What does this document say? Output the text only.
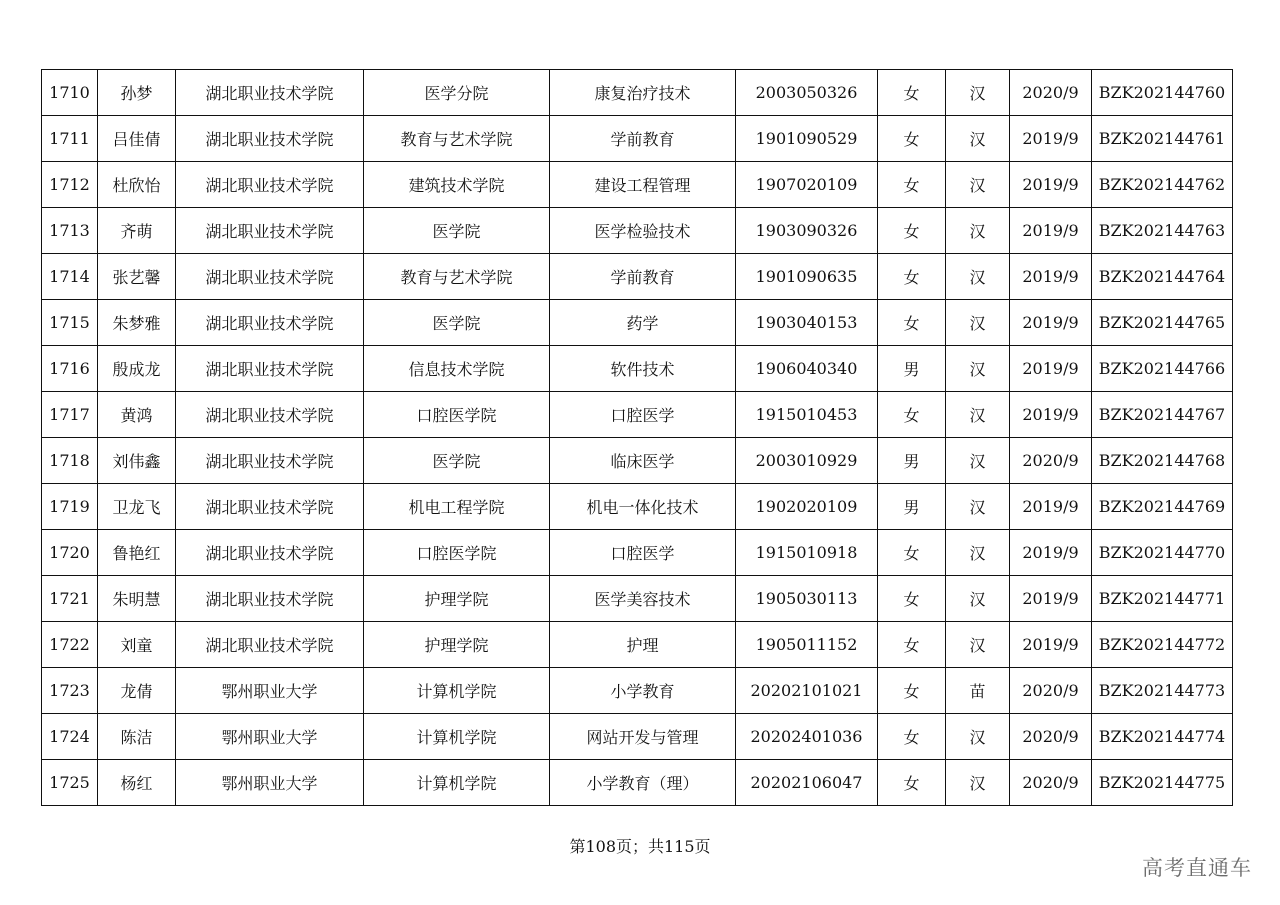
1710	孙梦	湖北职业技术学院	医学分院	康复治疗技术	2003050326	女	汉	2020/9	BZK202144760
1711	吕佳倩	湖北职业技术学院	教育与艺术学院	学前教育	1901090529	女	汉	2019/9	BZK202144761
1712	杜欣怡	湖北职业技术学院	建筑技术学院	建设工程管理	1907020109	女	汉	2019/9	BZK202144762
1713	齐萌	湖北职业技术学院	医学院	医学检验技术	1903090326	女	汉	2019/9	BZK202144763
1714	张艺馨	湖北职业技术学院	教育与艺术学院	学前教育	1901090635	女	汉	2019/9	BZK202144764
1715	朱梦雅	湖北职业技术学院	医学院	药学	1903040153	女	汉	2019/9	BZK202144765
1716	殷成龙	湖北职业技术学院	信息技术学院	软件技术	1906040340	男	汉	2019/9	BZK202144766
1717	黄鸿	湖北职业技术学院	口腔医学院	口腔医学	1915010453	女	汉	2019/9	BZK202144767
1718	刘伟鑫	湖北职业技术学院	医学院	临床医学	2003010929	男	汉	2020/9	BZK202144768
1719	卫龙飞	湖北职业技术学院	机电工程学院	机电一体化技术	1902020109	男	汉	2019/9	BZK202144769
1720	鲁艳红	湖北职业技术学院	口腔医学院	口腔医学	1915010918	女	汉	2019/9	BZK202144770
1721	朱明慧	湖北职业技术学院	护理学院	医学美容技术	1905030113	女	汉	2019/9	BZK202144771
1722	刘童	湖北职业技术学院	护理学院	护理	1905011152	女	汉	2019/9	BZK202144772
1723	龙倩	鄂州职业大学	计算机学院	小学教育	20202101021	女	苗	2020/9	BZK202144773
1724	陈洁	鄂州职业大学	计算机学院	网站开发与管理	20202401036	女	汉	2020/9	BZK202144774
1725	杨红	鄂州职业大学	计算机学院	小学教育（理）	20202106047	女	汉	2020/9	BZK202144775
第108页；共115页
高考直通车
